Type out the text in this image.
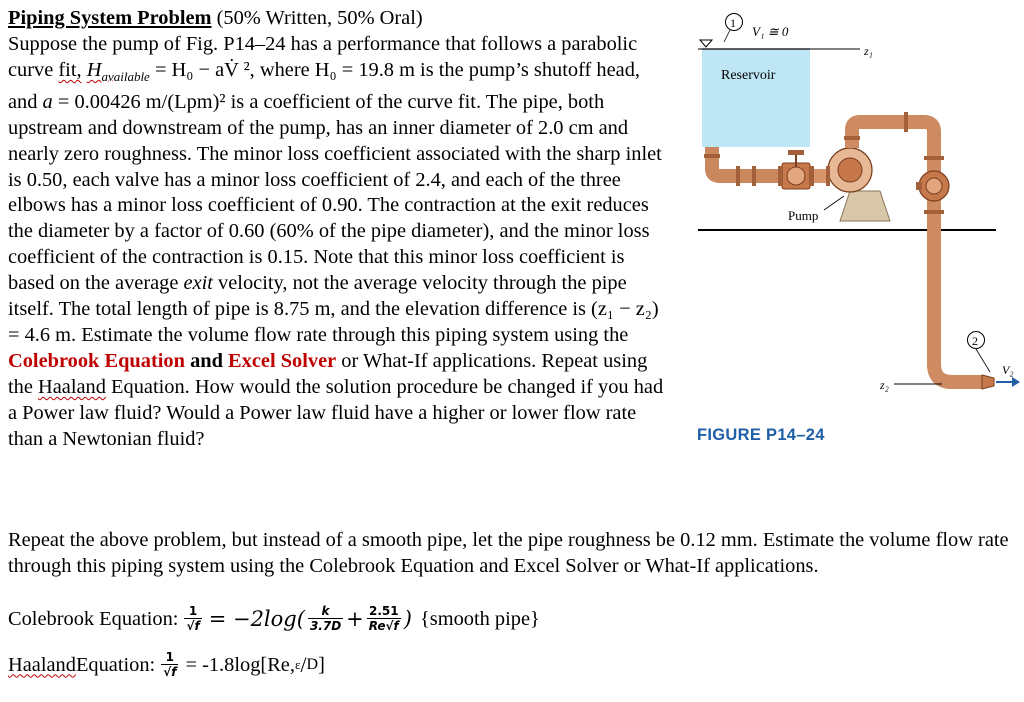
Piping System Problem (50% Written, 50% Oral)
Suppose the pump of Fig. P14–24 has a performance that follows a parabolic curve fit, $H_{available} = H_0$ − aV̇ ², where H₀ = 19.8 m is the pump’s shutoff head, and a = 0.00426 m/(Lpm)² is a coefficient of the curve fit. The pipe, both upstream and downstream of the pump, has an inner diameter of 2.0 cm and nearly zero roughness. The minor loss coefficient associated with the sharp inlet is 0.50, each valve has a minor loss coefficient of 2.4, and each of the three elbows has a minor loss coefficient of 0.90. The contraction at the exit reduces the diameter by a factor of 0.60 (60% of the pipe diameter), and the minor loss coefficient of the contraction is 0.15. Note that this minor loss coefficient is based on the average exit velocity, not the average velocity through the pipe itself. The total length of pipe is 8.75 m, and the elevation difference is (z₁ − z₂) = 4.6 m. Estimate the volume flow rate through this piping system using the Colebrook Equation and Excel Solver or What-If applications. Repeat using the Haaland Equation. How would the solution procedure be changed if you had a Power law fluid? Would a Power law fluid have a higher or lower flow rate than a Newtonian fluid?

z₁
1
V₁ ≅ 0
Reservoir
Pump
V₂
z₂
2
FIGURE P14–24

Repeat the above problem, but instead of a smooth pipe, let the pipe roughness be 0.12 mm. Estimate the volume flow rate through this piping system using the Colebrook Equation and Excel Solver or What-If applications.

Colebrook Equation: $\frac{1}{√f} = -2\log( \frac{k}{3.7D} + \frac{2.51}{Re√f}$ ) {smooth pipe}
Haaland Equation: $\frac{1}{√f} = -1.8\log[Re$, ε / D ]
